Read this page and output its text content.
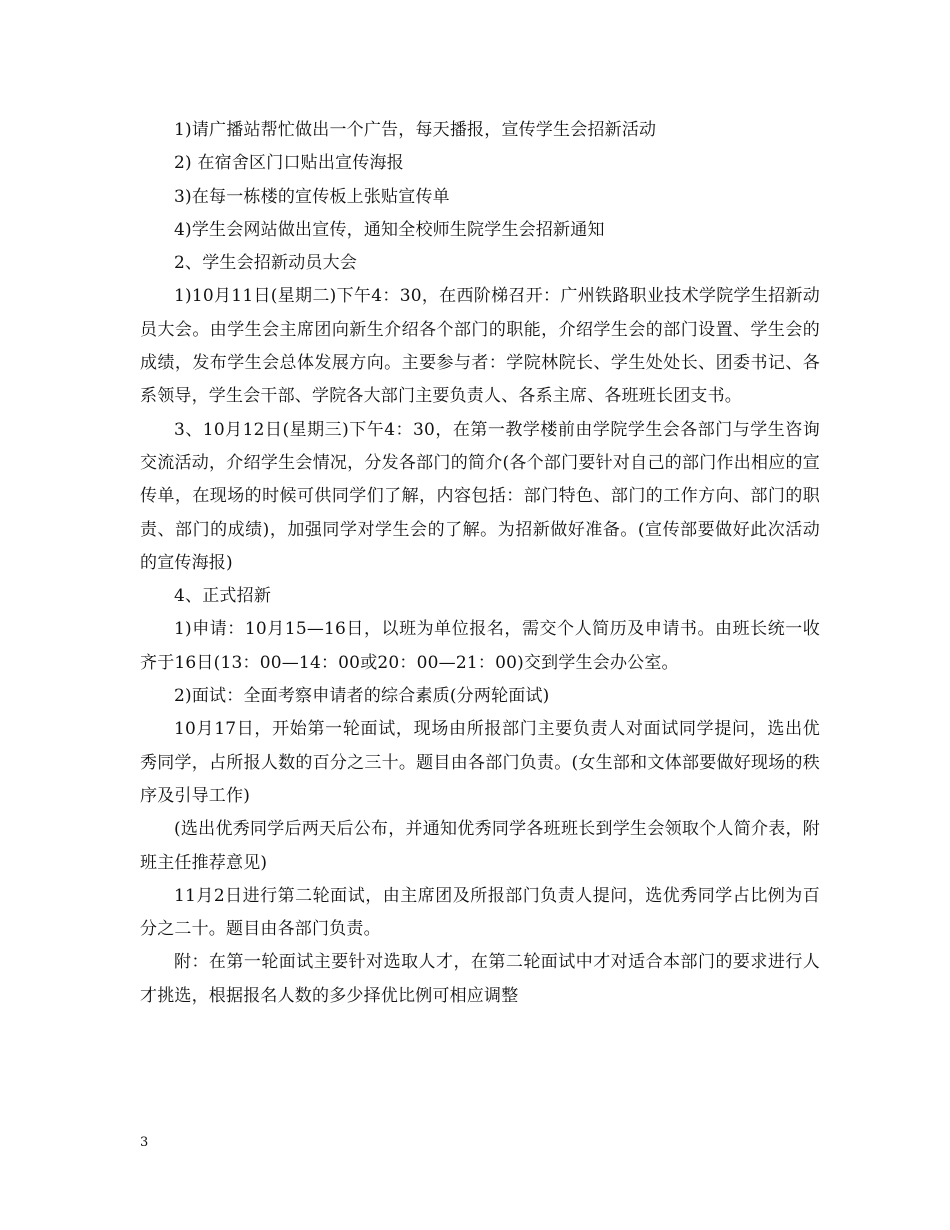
1)请广播站帮忙做出一个广告，每天播报，宣传学生会招新活动

2) 在宿舍区门口贴出宣传海报

3)在每一栋楼的宣传板上张贴宣传单

4)学生会网站做出宣传，通知全校师生院学生会招新通知

2、学生会招新动员大会

1)10月11日(星期二)下午4：30，在西阶梯召开：广州铁路职业技术学院学生招新动员大会。由学生会主席团向新生介绍各个部门的职能，介绍学生会的部门设置、学生会的成绩，发布学生会总体发展方向。主要参与者：学院林院长、学生处处长、团委书记、各系领导，学生会干部、学院各大部门主要负责人、各系主席、各班班长团支书。

3、10月12日(星期三)下午4：30，在第一教学楼前由学院学生会各部门与学生咨询交流活动，介绍学生会情况，分发各部门的简介(各个部门要针对自己的部门作出相应的宣传单，在现场的时候可供同学们了解，内容包括：部门特色、部门的工作方向、部门的职责、部门的成绩)，加强同学对学生会的了解。为招新做好准备。(宣传部要做好此次活动的宣传海报)

4、正式招新

1)申请：10月15—16日，以班为单位报名，需交个人简历及申请书。由班长统一收齐于16日(13：00—14：00或20：00—21：00)交到学生会办公室。

2)面试：全面考察申请者的综合素质(分两轮面试)

10月17日，开始第一轮面试，现场由所报部门主要负责人对面试同学提问，选出优秀同学，占所报人数的百分之三十。题目由各部门负责。(女生部和文体部要做好现场的秩序及引导工作)

(选出优秀同学后两天后公布，并通知优秀同学各班班长到学生会领取个人简介表，附班主任推荐意见)

11月2日进行第二轮面试，由主席团及所报部门负责人提问，选优秀同学占比例为百分之二十。题目由各部门负责。

附：在第一轮面试主要针对选取人才，在第二轮面试中才对适合本部门的要求进行人才挑选，根据报名人数的多少择优比例可相应调整

3
